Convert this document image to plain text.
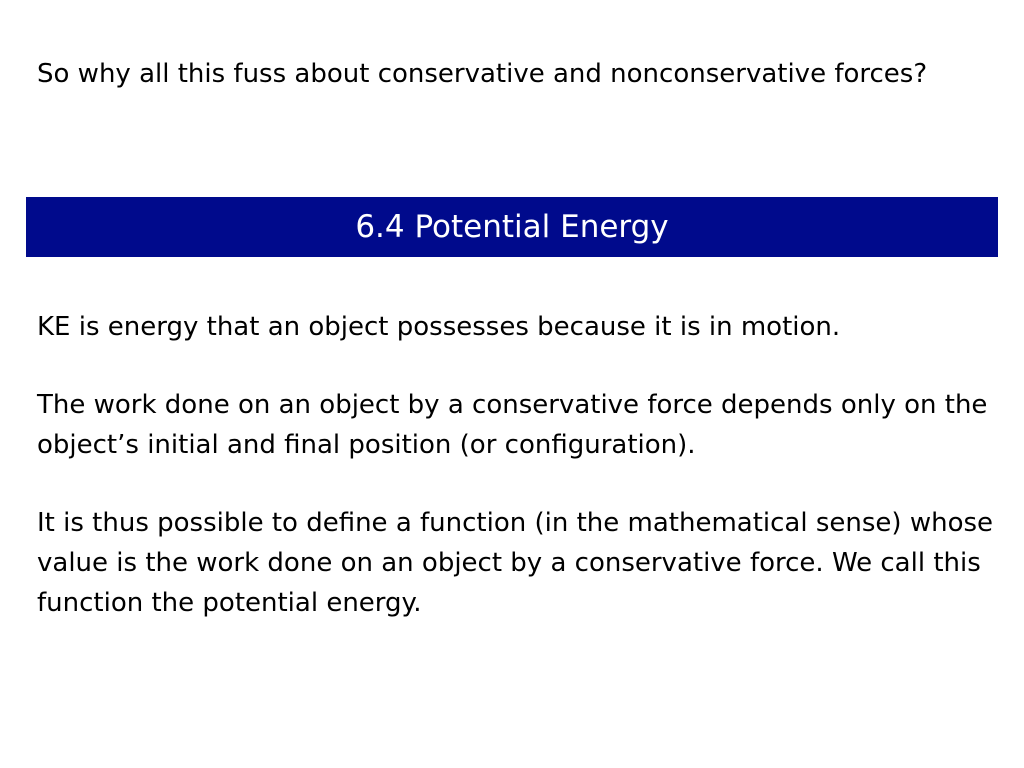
So why all this fuss about conservative and nonconservative forces?

6.4 Potential Energy

KE is energy that an object possesses because it is in motion.

The work done on an object by a conservative force depends only on the object’s initial and final position (or configuration).

It is thus possible to define a function (in the mathematical sense) whose value is the work done on an object by a conservative force. We call this function the potential energy.
